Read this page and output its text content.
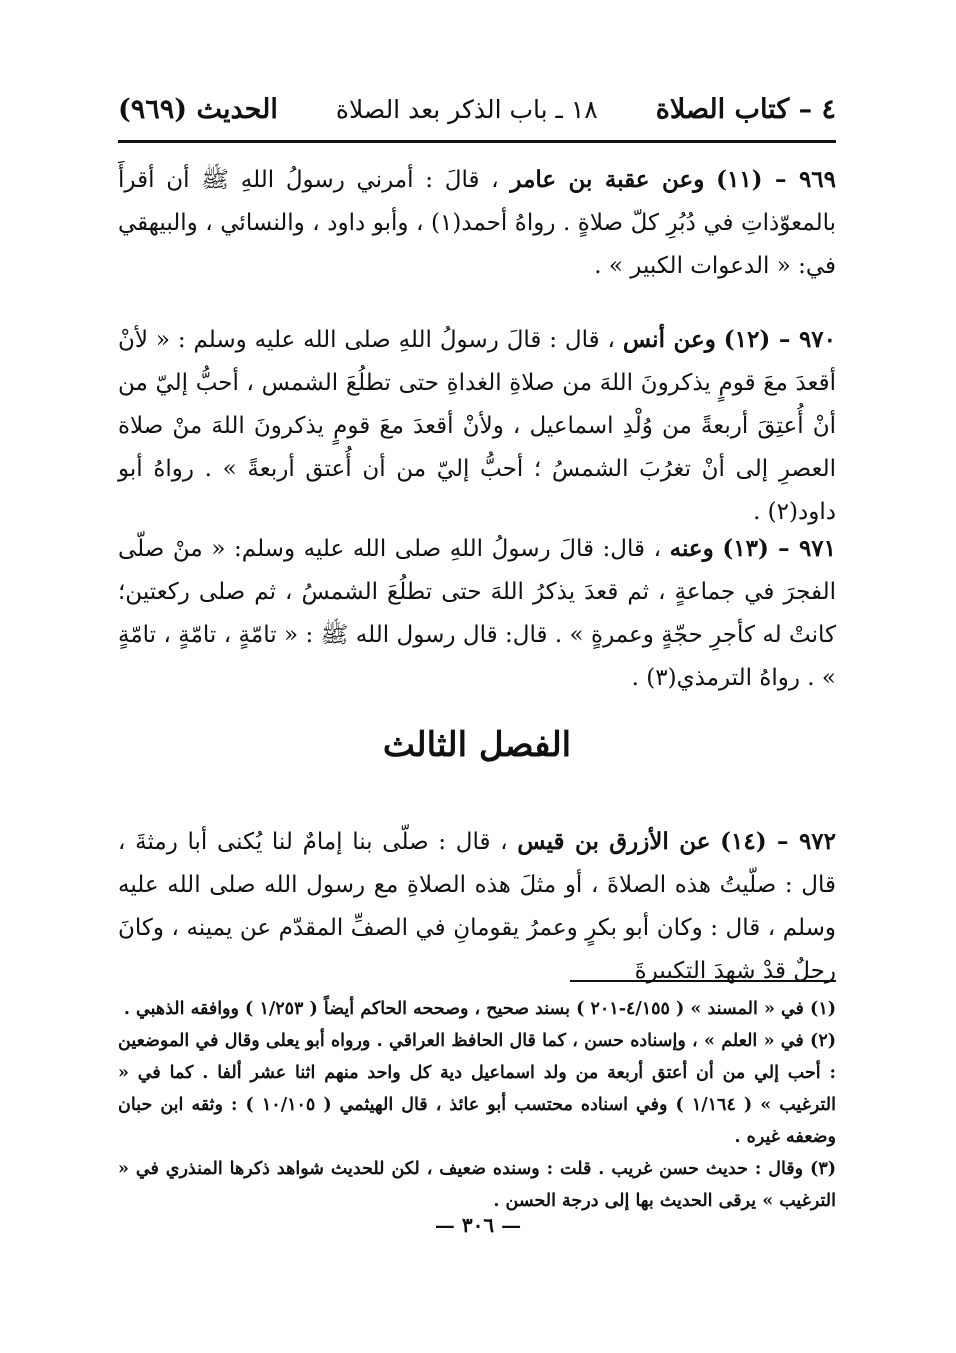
٤ – كتاب الصلاة
١٨ ـ باب الذكر بعد الصلاة
الحديث (٩٦٩)

٩٦٩ – (١١) وعن عقبة بن عامر ، قالَ : أمرني رسولُ اللهِ ﷺ أن أقرأَ بالمعوّذاتِ في دُبُرِ كلّ صلاةٍ . رواهُ أحمد(١) ، وأبو داود ، والنسائي ، والبيهقي في: « الدعوات الكبير » .

٩٧٠ – (١٢) وعن أنس ، قال : قالَ رسولُ اللهِ صلى الله عليه وسلم : « لأنْ أقعدَ معَ قومٍ يذكرونَ اللهَ من صلاةِ الغداةِ حتى تطلُعَ الشمس ، أحبُّ إليّ من أنْ أُعتِقَ أربعةً من وُلْدِ اسماعيل ، ولأنْ أقعدَ معَ قومٍ يذكرونَ اللهَ منْ صلاة العصرِ إلى أنْ تغرُبَ الشمسُ ؛ أحبُّ إليّ من أن أُعتق أربعةً » . رواهُ أبو داود(٢) .

٩٧١ – (١٣) وعنه ، قال: قالَ رسولُ اللهِ صلى الله عليه وسلم: « منْ صلّى الفجرَ في جماعةٍ ، ثم قعدَ يذكرُ اللهَ حتى تطلُعَ الشمسُ ، ثم صلى ركعتين؛ كانتْ له كأجرِ حجّةٍ وعمرةٍ » . قال: قال رسول الله ﷺ : « تامّةٍ ، تامّةٍ ، تامّةٍ » . رواهُ الترمذي(٣) .

الفصل الثالث

٩٧٢ – (١٤) عن الأزرق بن قيس ، قال : صلّى بنا إمامٌ لنا يُكنى أبا رمثةَ ، قال : صلّيتُ هذه الصلاةَ ، أو مثلَ هذه الصلاةِ مع رسول الله صلى الله عليه وسلم ، قال : وكان أبو بكرٍ وعمرُ يقومانِ في الصفِّ المقدّم عن يمينه ، وكانَ رجلٌ قدْ شهدَ التكبيرةَ

(١) في « المسند » ( ٤/١٥٥-٢٠١ ) بسند صحيح ، وصححه الحاكم أيضاً ( ١/٢٥٣ ) ووافقه الذهبي .

(٢) في « العلم » ، وإسناده حسن ، كما قال الحافظ العراقي . ورواه أبو يعلى وقال في الموضعين : أحب إلي من أن أعتق أربعة من ولد اسماعيل دية كل واحد منهم اثنا عشر ألفا . كما في « الترغيب » ( ١/١٦٤ ) وفي اسناده محتسب أبو عائذ ، قال الهيثمي ( ١٠/١٠٥ ) : وثقه ابن حبان وضعفه غيره .

(٣) وقال : حديث حسن غريب . قلت : وسنده ضعيف ، لكن للحديث شواهد ذكرها المنذري في « الترغيب » يرقى الحديث بها إلى درجة الحسن .

— ٣٠٦ —
